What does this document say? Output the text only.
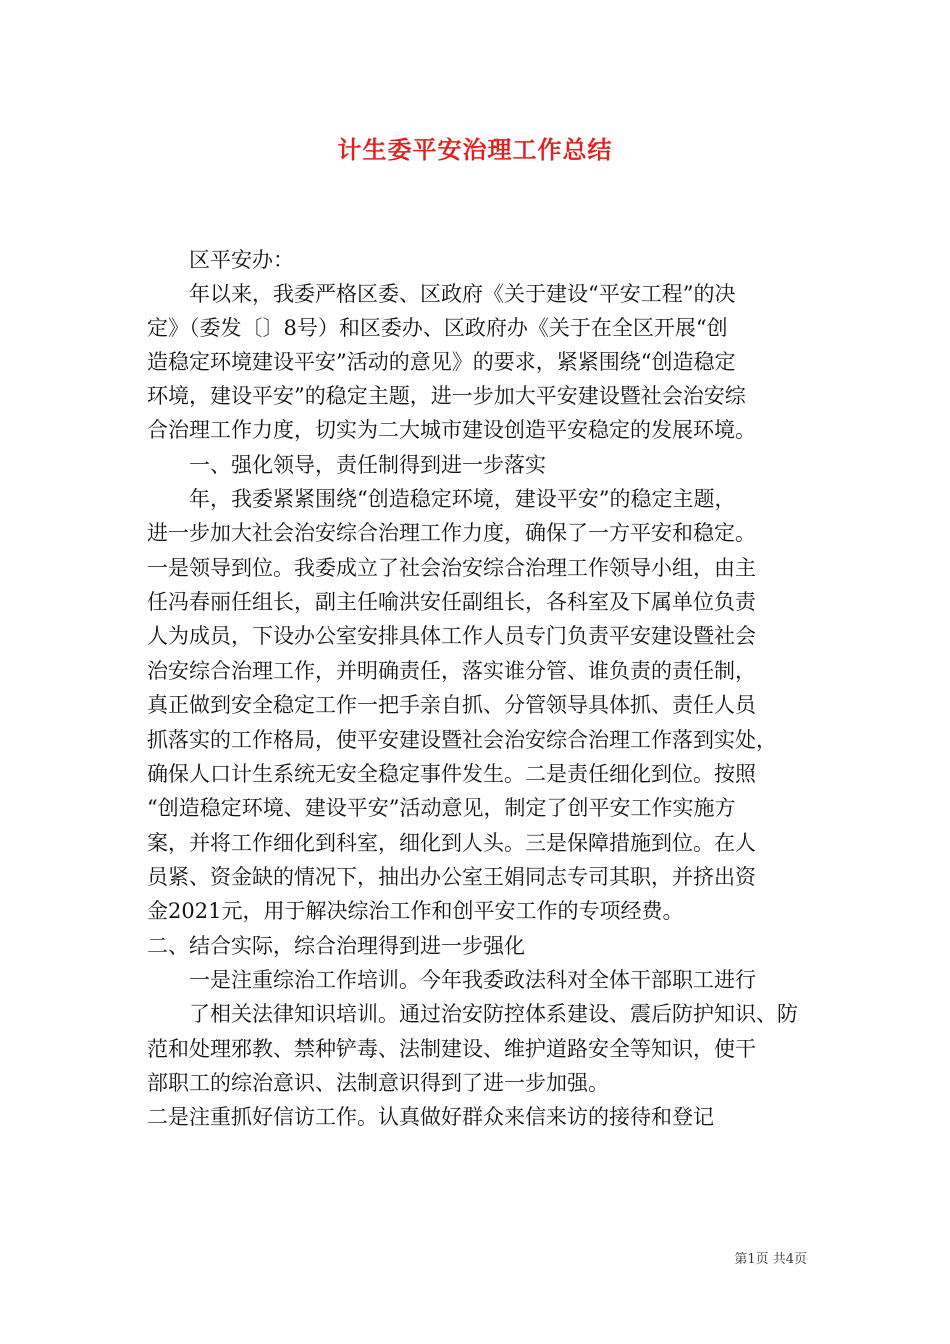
计生委平安治理工作总结
区平安办：
年以来，我委严格区委、区政府《关于建设“平安工程”的决
定》（委发〔〕8号）和区委办、区政府办《关于在全区开展“创
造稳定环境建设平安”活动的意见》的要求，紧紧围绕“创造稳定
环境，建设平安”的稳定主题，进一步加大平安建设暨社会治安综
合治理工作力度，切实为二大城市建设创造平安稳定的发展环境。
一、强化领导，责任制得到进一步落实
年，我委紧紧围绕“创造稳定环境，建设平安”的稳定主题，
进一步加大社会治安综合治理工作力度，确保了一方平安和稳定。
一是领导到位。我委成立了社会治安综合治理工作领导小组，由主
任冯春丽任组长，副主任喻洪安任副组长，各科室及下属单位负责
人为成员，下设办公室安排具体工作人员专门负责平安建设暨社会
治安综合治理工作，并明确责任，落实谁分管、谁负责的责任制，
真正做到安全稳定工作一把手亲自抓、分管领导具体抓、责任人员
抓落实的工作格局，使平安建设暨社会治安综合治理工作落到实处，
确保人口计生系统无安全稳定事件发生。二是责任细化到位。按照
“创造稳定环境、建设平安”活动意见，制定了创平安工作实施方
案，并将工作细化到科室，细化到人头。三是保障措施到位。在人
员紧、资金缺的情况下，抽出办公室王娟同志专司其职，并挤出资
金2021元，用于解决综治工作和创平安工作的专项经费。
二、结合实际，综合治理得到进一步强化
一是注重综治工作培训。今年我委政法科对全体干部职工进行
了相关法律知识培训。通过治安防控体系建设、震后防护知识、防
范和处理邪教、禁种铲毒、法制建设、维护道路安全等知识，使干
部职工的综治意识、法制意识得到了进一步加强。
二是注重抓好信访工作。认真做好群众来信来访的接待和登记
第1页 共4页
